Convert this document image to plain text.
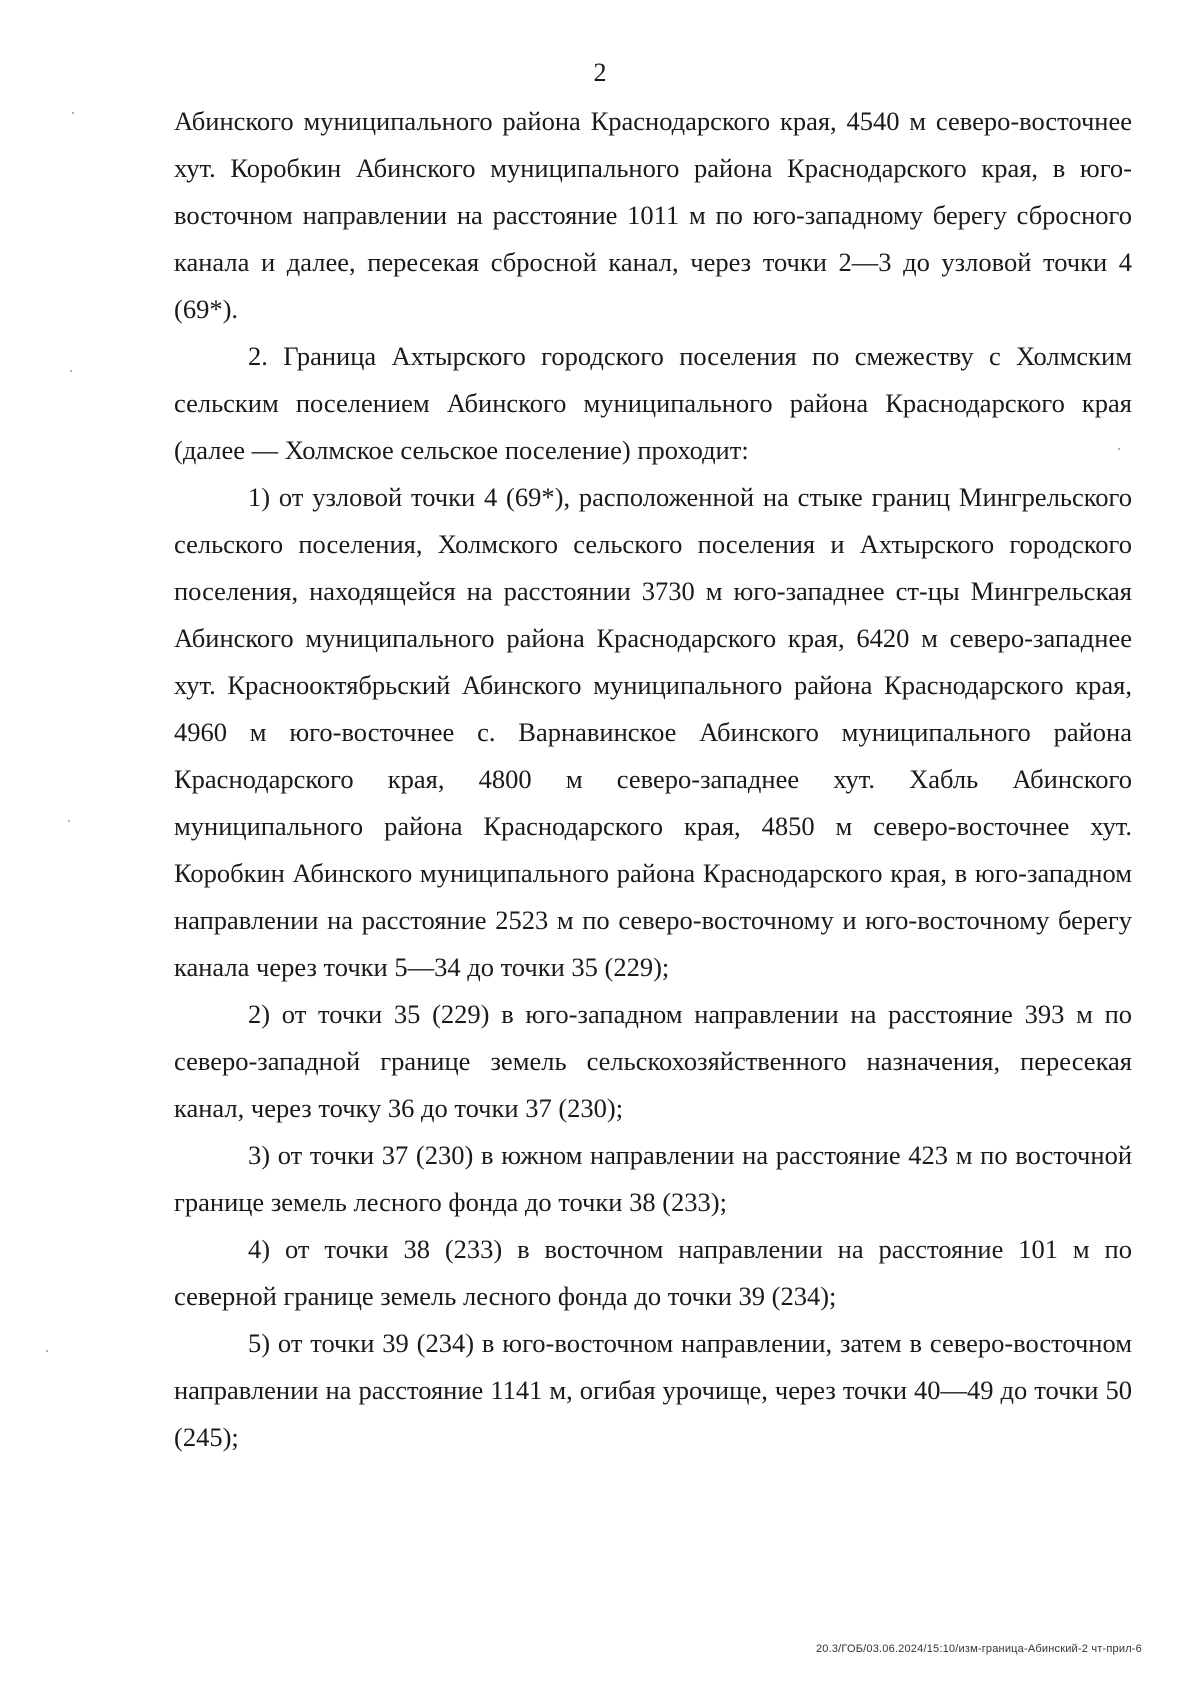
2

Абинского муниципального района Краснодарского края, 4540 м северо-восточнее хут. Коробкин Абинского муниципального района Краснодарского края, в юго-восточном направлении на расстояние 1011 м по юго-западному берегу сбросного канала и далее, пересекая сбросной канал, через точки 2—3 до узловой точки 4 (69*).

2. Граница Ахтырского городского поселения по смежеству с Холмским сельским поселением Абинского муниципального района Краснодарского края (далее — Холмское сельское поселение) проходит:

1) от узловой точки 4 (69*), расположенной на стыке границ Мингрельского сельского поселения, Холмского сельского поселения и Ахтырского городского поселения, находящейся на расстоянии 3730 м юго-западнее ст-цы Мингрельская Абинского муниципального района Краснодарского края, 6420 м северо-западнее хут. Краснооктябрьский Абинского муниципального района Краснодарского края, 4960 м юго-восточнее с. Варнавинское Абинского муниципального района Краснодарского края, 4800 м северо-западнее хут. Хабль Абинского муниципального района Краснодарского края, 4850 м северо-восточнее хут. Коробкин Абинского муниципального района Краснодарского края, в юго-западном направлении на расстояние 2523 м по северо-восточному и юго-восточному берегу канала через точки 5—34 до точки 35 (229);

2) от точки 35 (229) в юго-западном направлении на расстояние 393 м по северо-западной границе земель сельскохозяйственного назначения, пересекая канал, через точку 36 до точки 37 (230);

3) от точки 37 (230) в южном направлении на расстояние 423 м по восточной границе земель лесного фонда до точки 38 (233);

4) от точки 38 (233) в восточном направлении на расстояние 101 м по северной границе земель лесного фонда до точки 39 (234);

5) от точки 39 (234) в юго-восточном направлении, затем в северо-восточном направлении на расстояние 1141 м, огибая урочище, через точки 40—49 до точки 50 (245);

20.3/ГОБ/03.06.2024/15:10/изм-граница-Абинский-2 чт-прил-6
